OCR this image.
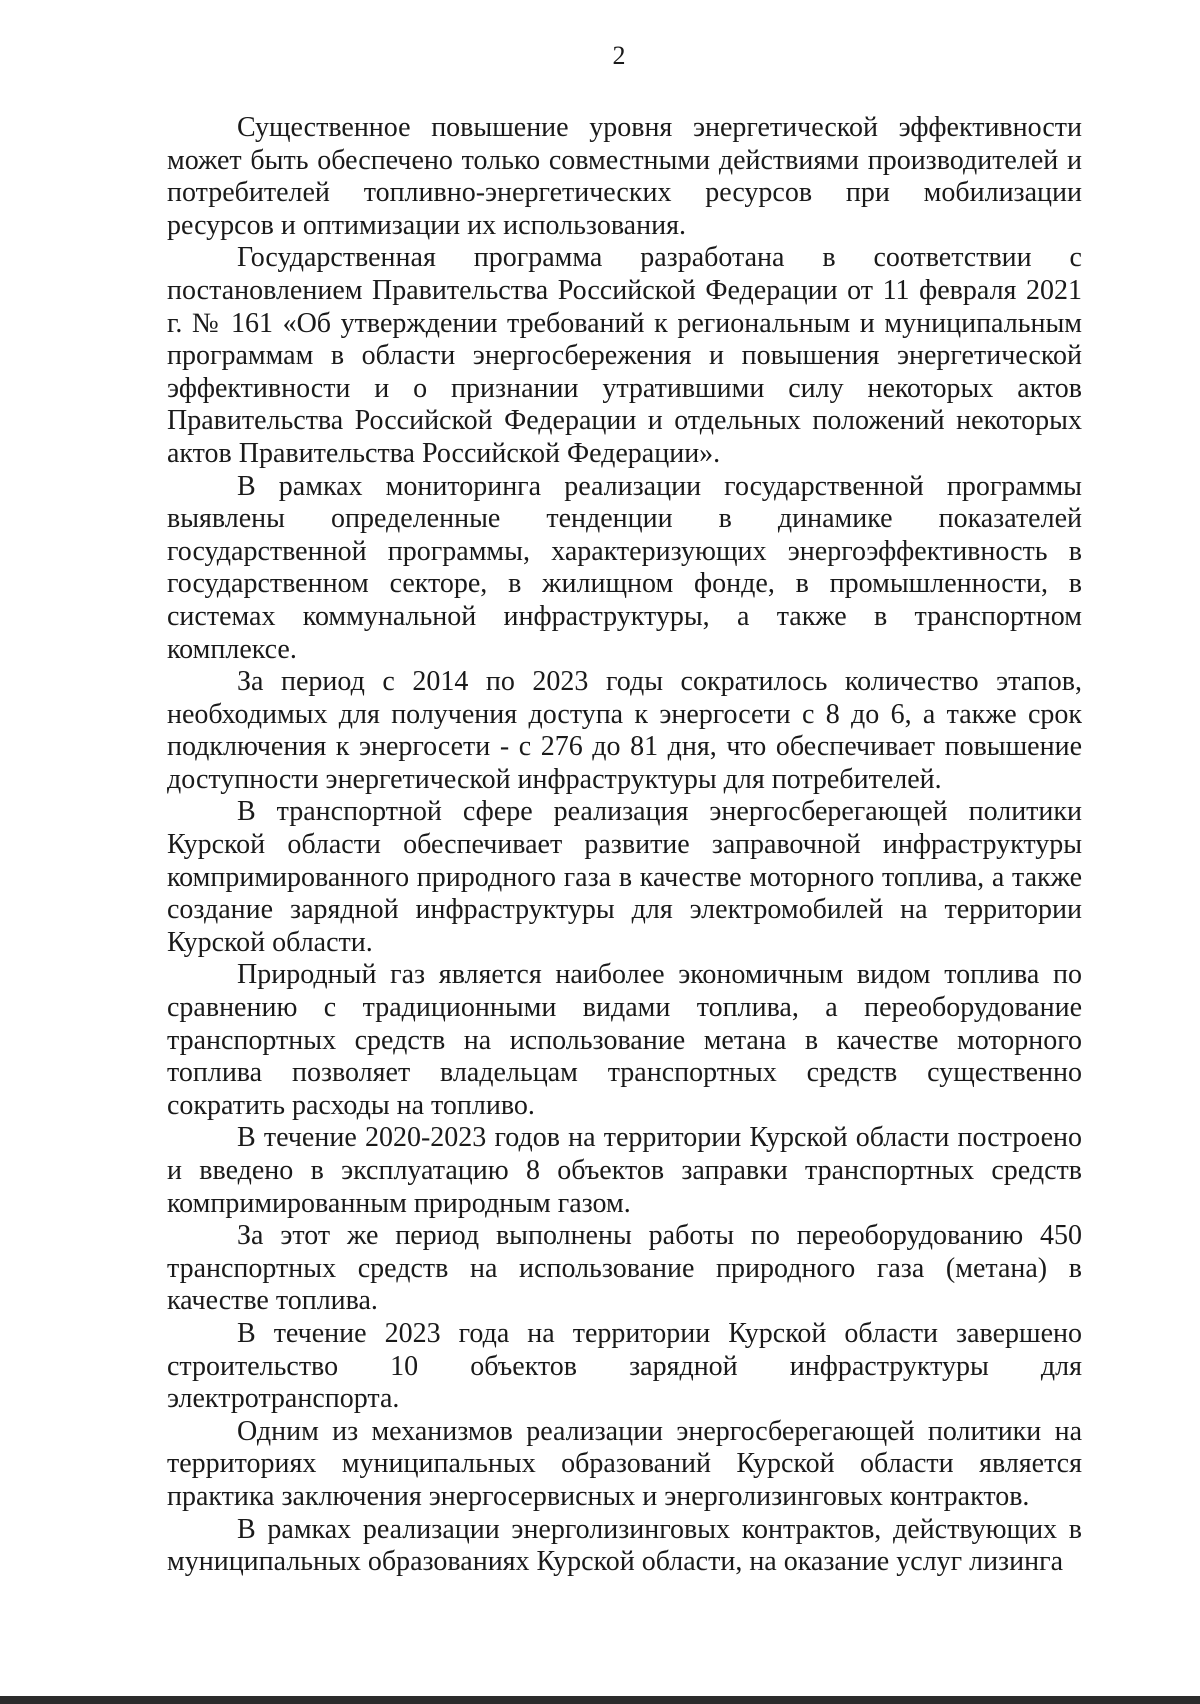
2

Существенное повышение уровня энергетической эффективности может быть обеспечено только совместными действиями производителей и потребителей топливно-энергетических ресурсов при мобилизации ресурсов и оптимизации их использования.

Государственная программа разработана в соответствии с постановлением Правительства Российской Федерации от 11 февраля 2021 г. № 161 «Об утверждении требований к региональным и муниципальным программам в области энергосбережения и повышения энергетической эффективности и о признании утратившими силу некоторых актов Правительства Российской Федерации и отдельных положений некоторых актов Правительства Российской Федерации».

В рамках мониторинга реализации государственной программы выявлены определенные тенденции в динамике показателей государственной программы, характеризующих энергоэффективность в государственном секторе, в жилищном фонде, в промышленности, в системах коммунальной инфраструктуры, а также в транспортном комплексе.

За период с 2014 по 2023 годы сократилось количество этапов, необходимых для получения доступа к энергосети с 8 до 6, а также срок подключения к энергосети - с 276 до 81 дня, что обеспечивает повышение доступности энергетической инфраструктуры для потребителей.

В транспортной сфере реализация энергосберегающей политики Курской области обеспечивает развитие заправочной инфраструктуры компримированного природного газа в качестве моторного топлива, а также создание зарядной инфраструктуры для электромобилей на территории Курской области.

Природный газ является наиболее экономичным видом топлива по сравнению с традиционными видами топлива, а переоборудование транспортных средств на использование метана в качестве моторного топлива позволяет владельцам транспортных средств существенно сократить расходы на топливо.

В течение 2020-2023 годов на территории Курской области построено и введено в эксплуатацию 8 объектов заправки транспортных средств компримированным природным газом.

За этот же период выполнены работы по переоборудованию 450 транспортных средств на использование природного газа (метана) в качестве топлива.

В течение 2023 года на территории Курской области завершено строительство 10 объектов зарядной инфраструктуры для электротранспорта.

Одним из механизмов реализации энергосберегающей политики на территориях муниципальных образований Курской области является практика заключения энергосервисных и энерголизинговых контрактов.

В рамках реализации энерголизинговых контрактов, действующих в муниципальных образованиях Курской области, на оказание услуг лизинга
